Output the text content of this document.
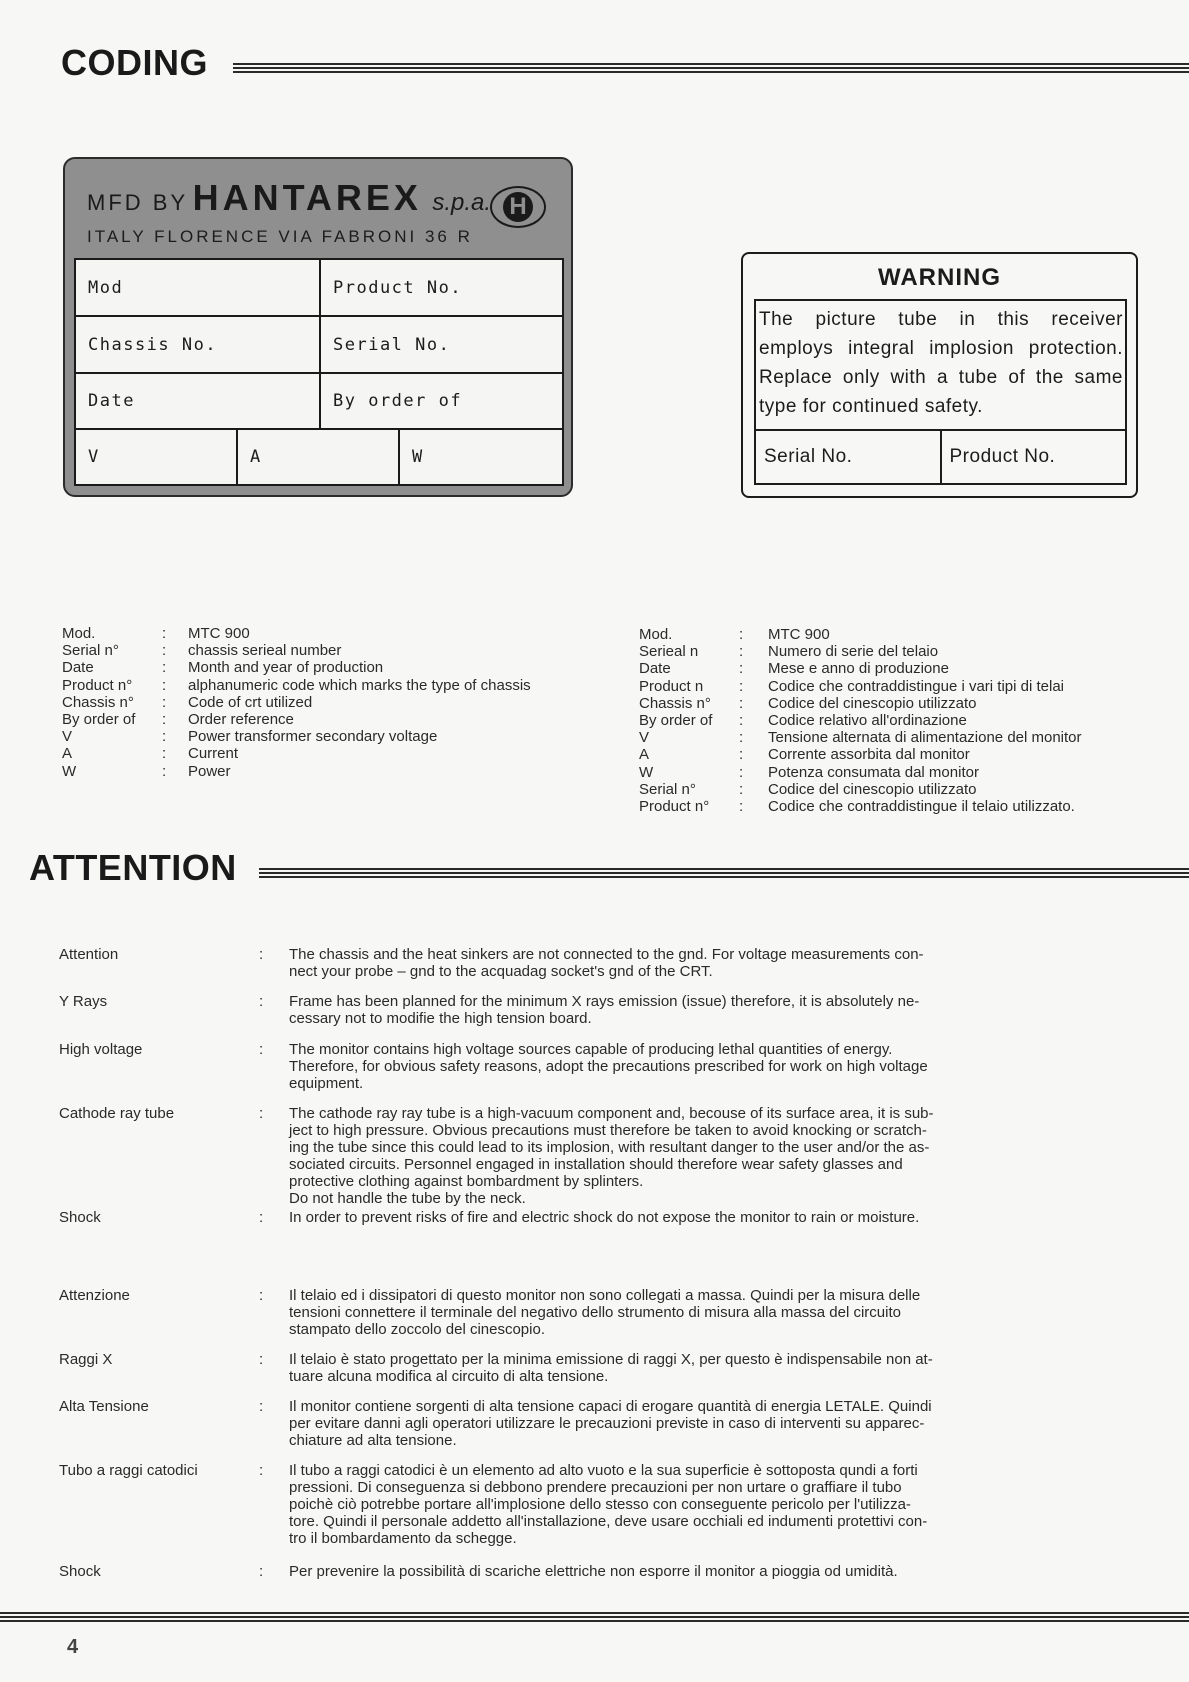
CODING
MFD BY HANTAREX s.p.a. H
ITALY FLORENCE VIA FABRONI 36 R
Mod	Product No.
Chassis No.	Serial No.
Date	By order of
V	A	W
WARNING
The picture tube in this receiver
employs integral implosion protection.
Replace only with a tube of the same
type for continued safety.
Serial No.	Product No.
Mod.	:	MTC 900
Serial n°	:	chassis serieal number
Date	:	Month and year of production
Product n°	:	alphanumeric code which marks the type of chassis
Chassis n°	:	Code of crt utilized
By order of	:	Order reference
V	:	Power transformer secondary voltage
A	:	Current
W	:	Power
Mod.	:	MTC 900
Serieal n	:	Numero di serie del telaio
Date	:	Mese e anno di produzione
Product n	:	Codice che contraddistingue i vari tipi di telai
Chassis n°	:	Codice del cinescopio utilizzato
By order of	:	Codice relativo all'ordinazione
V	:	Tensione alternata di alimentazione del monitor
A	:	Corrente assorbita dal monitor
W	:	Potenza consumata dal monitor
Serial n°	:	Codice del cinescopio utilizzato
Product n°	:	Codice che contraddistingue il telaio utilizzato.
ATTENTION
Attention	: The chassis and the heat sinkers are not connected to the gnd. For voltage measurements con-
nect your probe – gnd to the acquadag socket's gnd of the CRT.
Y Rays	: Frame has been planned for the minimum X rays emission (issue) therefore, it is absolutely ne-
cessary not to modifie the high tension board.
High voltage	: The monitor contains high voltage sources capable of producing lethal quantities of energy.
Therefore, for obvious safety reasons, adopt the precautions prescribed for work on high voltage
equipment.
Cathode ray tube	: The cathode ray ray tube is a high-vacuum component and, becouse of its surface area, it is sub-
ject to high pressure. Obvious precautions must therefore be taken to avoid knocking or scratch-
ing the tube since this could lead to its implosion, with resultant danger to the user and/or the as-
sociated circuits. Personnel engaged in installation should therefore wear safety glasses and
protective clothing against bombardment by splinters.
Do not handle the tube by the neck.
Shock	: In order to prevent risks of fire and electric shock do not expose the monitor to rain or moisture.
Attenzione	: Il telaio ed i dissipatori di questo monitor non sono collegati a massa. Quindi per la misura delle
tensioni connettere il terminale del negativo dello strumento di misura alla massa del circuito
stampato dello zoccolo del cinescopio.
Raggi X	: Il telaio è stato progettato per la minima emissione di raggi X, per questo è indispensabile non at-
tuare alcuna modifica al circuito di alta tensione.
Alta Tensione	: Il monitor contiene sorgenti di alta tensione capaci di erogare quantità di energia LETALE. Quindi
per evitare danni agli operatori utilizzare le precauzioni previste in caso di interventi su apparec-
chiature ad alta tensione.
Tubo a raggi catodici	: Il tubo a raggi catodici è un elemento ad alto vuoto e la sua superficie è sottoposta qundi a forti
pressioni. Di conseguenza si debbono prendere precauzioni per non urtare o graffiare il tubo
poichè ciò potrebbe portare all'implosione dello stesso con conseguente pericolo per l'utilizza-
tore. Quindi il personale addetto all'installazione, deve usare occhiali ed indumenti protettivi con-
tro il bombardamento da schegge.
Shock	: Per prevenire la possibilità di scariche elettriche non esporre il monitor a pioggia od umidità.
4
